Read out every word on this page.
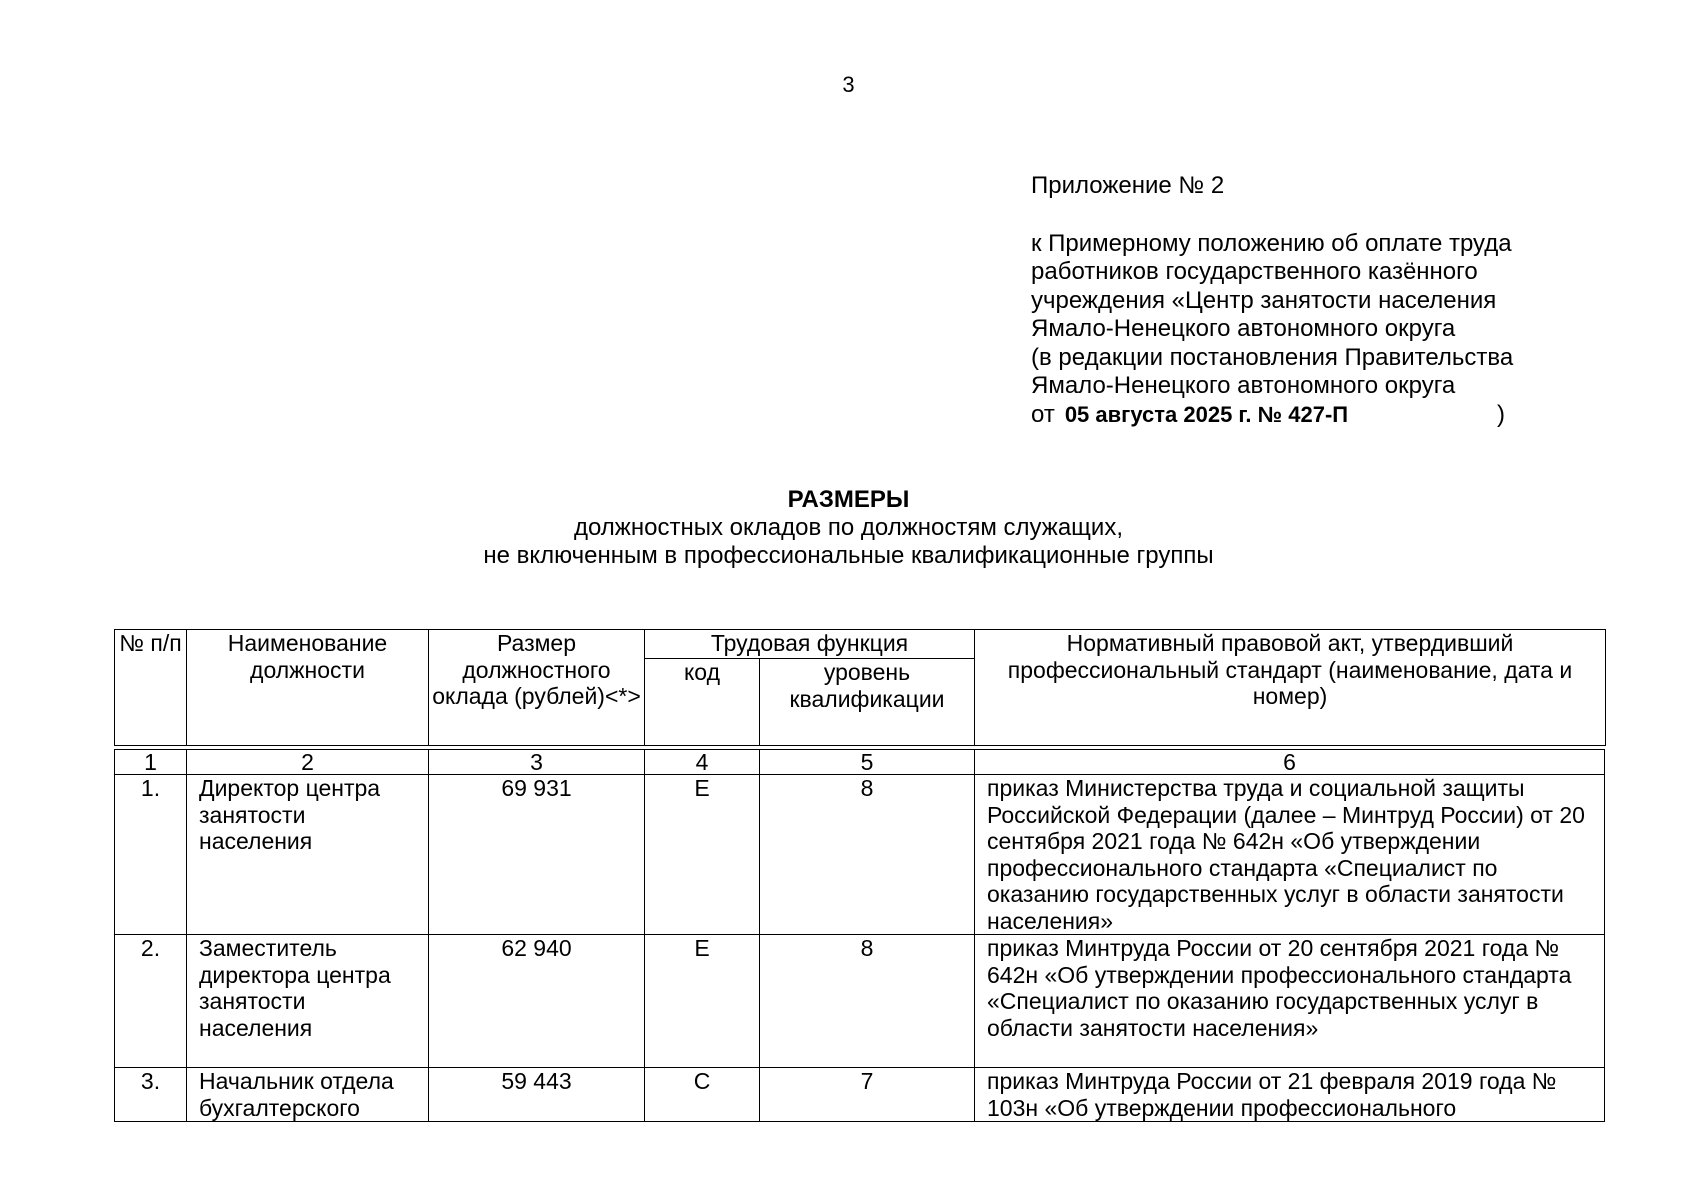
3
Приложение № 2
к Примерному положению об оплате труда
работников государственного казённого
учреждения «Центр занятости населения
Ямало-Ненецкого автономного округа
(в редакции постановления Правительства
Ямало-Ненецкого автономного округа
от 05 августа 2025 г. № 427-П	)
РАЗМЕРЫ
должностных окладов по должностям служащих,
не включенным в профессиональные квалификационные группы
№ п/п	Наименование должности	Размер должностного оклада (рублей)<*>	Трудовая функция		Нормативный правовой акт, утвердивший профессиональный стандарт (наименование, дата и номер)
			код	уровень квалификации	
1	2	3	4	5	6
1.	Директор центра занятости населения	69 931	Е	8	приказ Министерства труда и социальной защиты Российской Федерации (далее – Минтруд России) от 20 сентября 2021 года № 642н «Об утверждении профессионального стандарта «Специалист по оказанию государственных услуг в области занятости населения»
2.	Заместитель директора центра занятости населения	62 940	Е	8	приказ Минтруда России от 20 сентября 2021 года № 642н «Об утверждении профессионального стандарта «Специалист по оказанию государственных услуг в области занятости населения»
3.	Начальник отдела бухгалтерского	59 443	С	7	приказ Минтруда России от 21 февраля 2019 года № 103н «Об утверждении профессионального
